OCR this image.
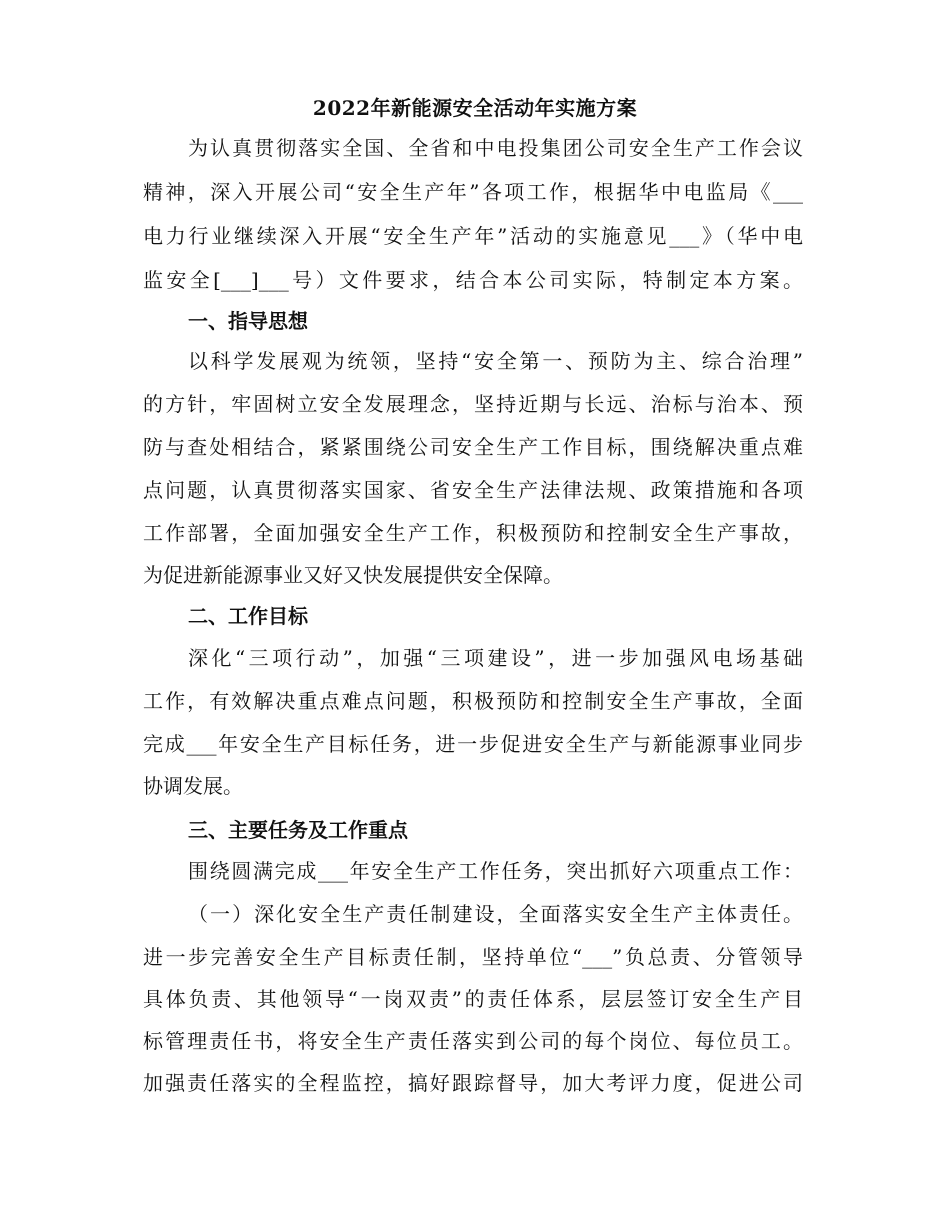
2022年新能源安全活动年实施方案
为认真贯彻落实全国、全省和中电投集团公司安全生产工作会议
精神，深入开展公司“安全生产年”各项工作，根据华中电监局《___
电力行业继续深入开展“安全生产年”活动的实施意见___》（华中电
监安全[___]___号）文件要求，结合本公司实际，特制定本方案。
一、指导思想
以科学发展观为统领，坚持“安全第一、预防为主、综合治理”
的方针，牢固树立安全发展理念，坚持近期与长远、治标与治本、预
防与查处相结合，紧紧围绕公司安全生产工作目标，围绕解决重点难
点问题，认真贯彻落实国家、省安全生产法律法规、政策措施和各项
工作部署，全面加强安全生产工作，积极预防和控制安全生产事故，
为促进新能源事业又好又快发展提供安全保障。
二、工作目标
深化“三项行动”，加强“三项建设”，进一步加强风电场基础
工作，有效解决重点难点问题，积极预防和控制安全生产事故，全面
完成___年安全生产目标任务，进一步促进安全生产与新能源事业同步
协调发展。
三、主要任务及工作重点
围绕圆满完成___年安全生产工作任务，突出抓好六项重点工作：
（一）深化安全生产责任制建设，全面落实安全生产主体责任。
进一步完善安全生产目标责任制，坚持单位“___”负总责、分管领导
具体负责、其他领导“一岗双责”的责任体系，层层签订安全生产目
标管理责任书，将安全生产责任落实到公司的每个岗位、每位员工。
加强责任落实的全程监控，搞好跟踪督导，加大考评力度，促进公司
